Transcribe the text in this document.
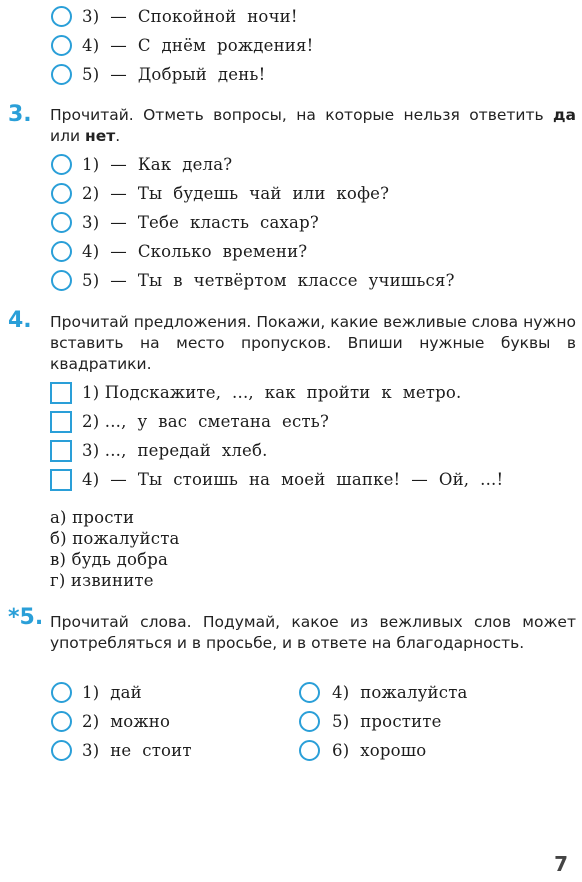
3)  —  Спокойной  ночи!
4)  —  С  днём  рождения!
5)  —  Добрый  день!
3. Прочитай. Отметь вопросы, на которые нельзя ответить да или нет.
1)  —  Как  дела?
2)  —  Ты  будешь  чай  или  кофе?
3)  —  Тебе  класть  сахар?
4)  —  Сколько  времени?
5)  —  Ты  в  четвёртом  классе  учишься?
4. Прочитай предложения. Покажи, какие вежливые слова нужно вставить на место пропусков. Впиши нужные буквы в квадратики.
1) Подскажите,  ...,  как  пройти  к  метро.
2) ...,  у  вас  сметана  есть?
3) ...,  передай  хлеб.
4)  —  Ты  стоишь  на  моей  шапке!  —  Ой,  ...!
а) прости
б) пожалуйста
в) будь добра
г) извините
*5. Прочитай слова. Подумай, какое из вежливых слов может употребляться и в просьбе, и в ответе на благодарность.
1)  дай
2)  можно
3)  не  стоит
4)  пожалуйста
5)  простите
6)  хорошо
7
